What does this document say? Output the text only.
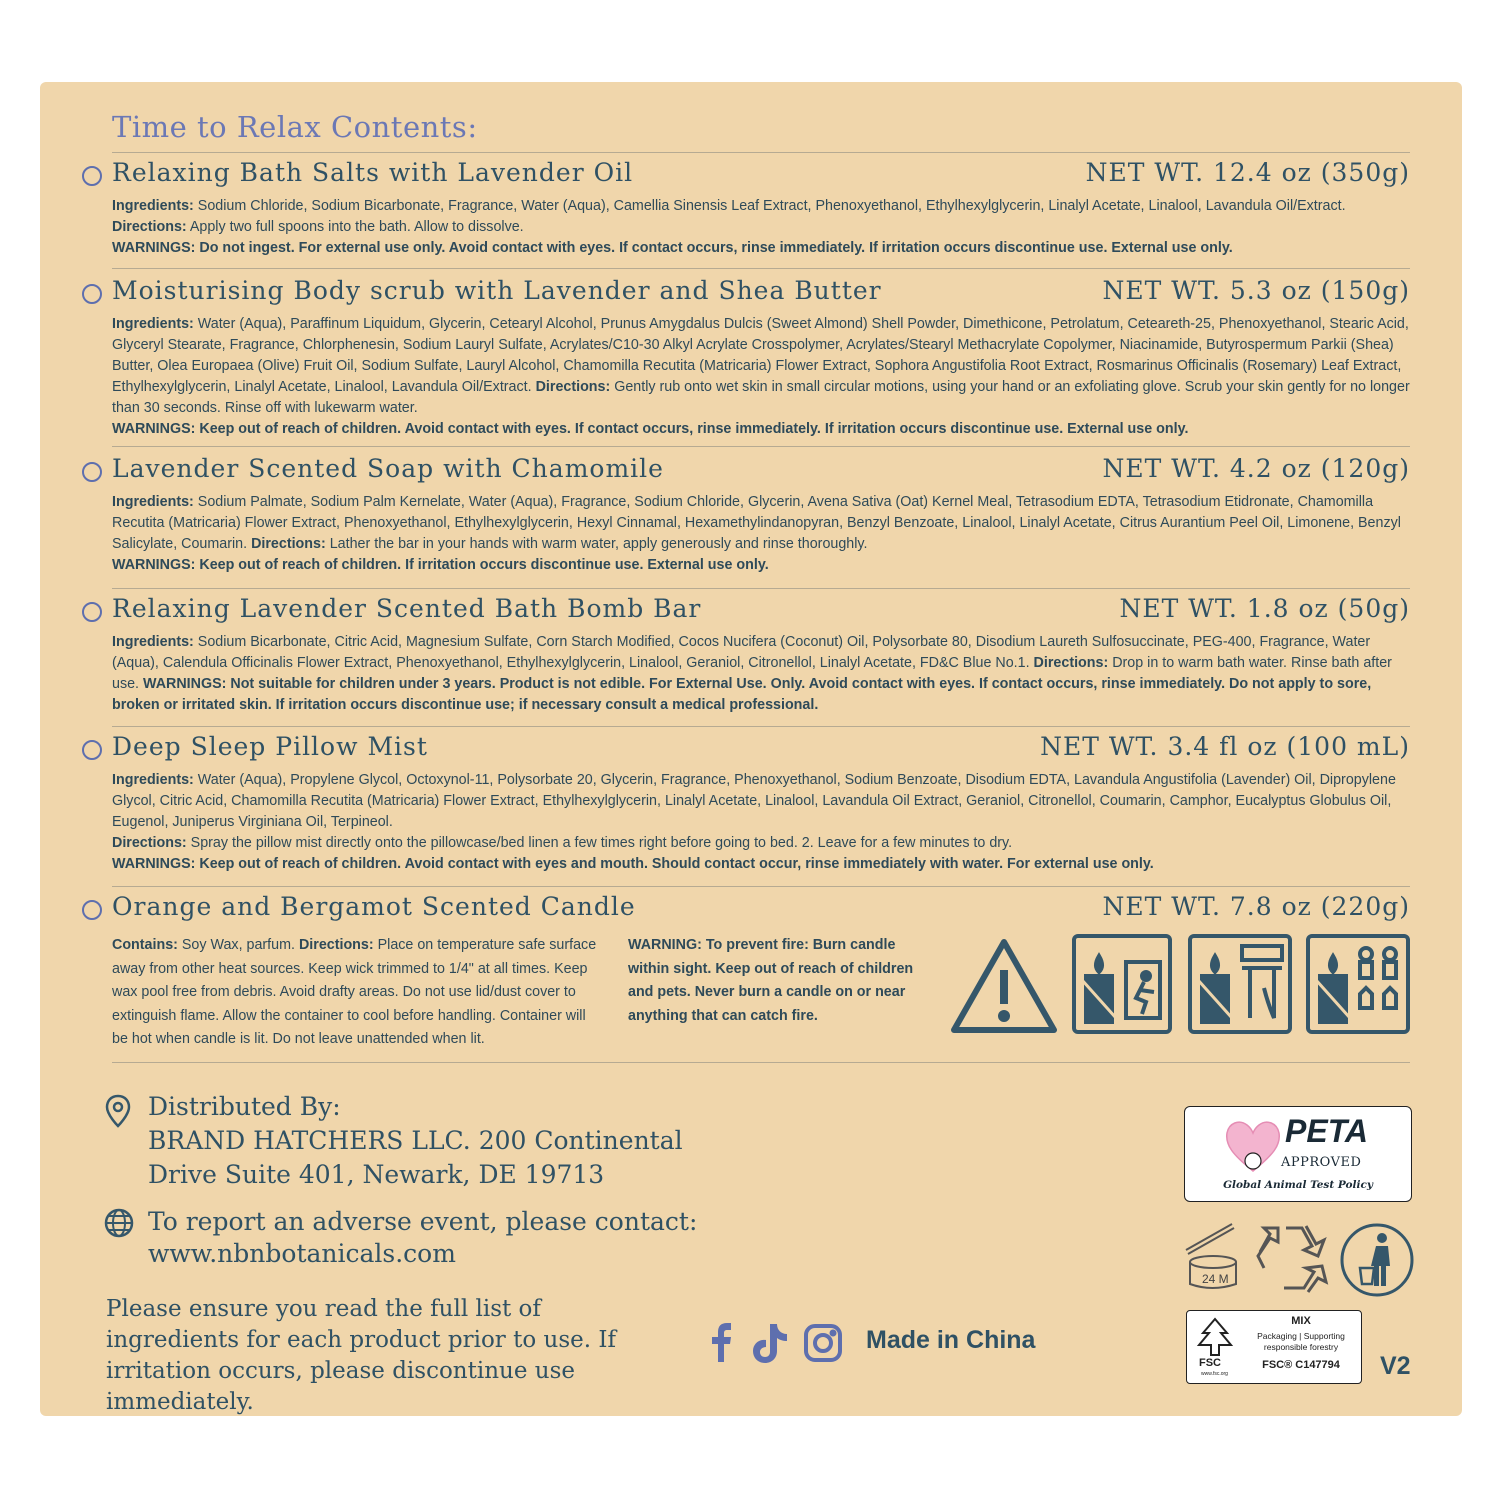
Time to Relax Contents:
Relaxing Bath Salts with Lavender Oil	NET WT. 12.4 oz (350g)

Ingredients: Sodium Chloride, Sodium Bicarbonate, Fragrance, Water (Aqua), Camellia Sinensis Leaf Extract, Phenoxyethanol, Ethylhexylglycerin, Linalyl Acetate, Linalool, Lavandula Oil/Extract.

Directions: Apply two full spoons into the bath. Allow to dissolve.

WARNINGS: Do not ingest. For external use only. Avoid contact with eyes. If contact occurs, rinse immediately. If irritation occurs discontinue use. External use only.

Moisturising Body scrub with Lavender and Shea Butter	NET WT. 5.3 oz (150g)

Ingredients: Water (Aqua), Paraffinum Liquidum, Glycerin, Cetearyl Alcohol, Prunus Amygdalus Dulcis (Sweet Almond) Shell Powder, Dimethicone, Petrolatum, Ceteareth-25, Phenoxyethanol, Stearic Acid, Glyceryl Stearate, Fragrance, Chlorphenesin, Sodium Lauryl Sulfate, Acrylates/C10-30 Alkyl Acrylate Crosspolymer, Acrylates/Stearyl Methacrylate Copolymer, Niacinamide, Butyrospermum Parkii (Shea) Butter, Olea Europaea (Olive) Fruit Oil, Sodium Sulfate, Lauryl Alcohol, Chamomilla Recutita (Matricaria) Flower Extract, Sophora Angustifolia Root Extract, Rosmarinus Officinalis (Rosemary) Leaf Extract, Ethylhexylglycerin, Linalyl Acetate, Linalool, Lavandula Oil/Extract. Directions: Gently rub onto wet skin in small circular motions, using your hand or an exfoliating glove. Scrub your skin gently for no longer than 30 seconds. Rinse off with lukewarm water.

WARNINGS: Keep out of reach of children. Avoid contact with eyes. If contact occurs, rinse immediately. If irritation occurs discontinue use. External use only.

Lavender Scented Soap with Chamomile	NET WT. 4.2 oz (120g)

Ingredients: Sodium Palmate, Sodium Palm Kernelate, Water (Aqua), Fragrance, Sodium Chloride, Glycerin, Avena Sativa (Oat) Kernel Meal, Tetrasodium EDTA, Tetrasodium Etidronate, Chamomilla Recutita (Matricaria) Flower Extract, Phenoxyethanol, Ethylhexylglycerin, Hexyl Cinnamal, Hexamethylindanopyran, Benzyl Benzoate, Linalool, Linalyl Acetate, Citrus Aurantium Peel Oil, Limonene, Benzyl Salicylate, Coumarin. Directions: Lather the bar in your hands with warm water, apply generously and rinse thoroughly.

WARNINGS: Keep out of reach of children. If irritation occurs discontinue use. External use only.

Relaxing Lavender Scented Bath Bomb Bar	NET WT. 1.8 oz (50g)

Ingredients: Sodium Bicarbonate, Citric Acid, Magnesium Sulfate, Corn Starch Modified, Cocos Nucifera (Coconut) Oil, Polysorbate 80, Disodium Laureth Sulfosuccinate, PEG-400, Fragrance, Water (Aqua), Calendula Officinalis Flower Extract, Phenoxyethanol, Ethylhexylglycerin, Linalool, Geraniol, Citronellol, Linalyl Acetate, FD&C Blue No.1. Directions: Drop in to warm bath water. Rinse bath after use. WARNINGS: Not suitable for children under 3 years. Product is not edible. For External Use. Only. Avoid contact with eyes. If contact occurs, rinse immediately. Do not apply to sore, broken or irritated skin. If irritation occurs discontinue use; if necessary consult a medical professional.

Deep Sleep Pillow Mist	NET WT. 3.4 fl oz (100 mL)

Ingredients: Water (Aqua), Propylene Glycol, Octoxynol-11, Polysorbate 20, Glycerin, Fragrance, Phenoxyethanol, Sodium Benzoate, Disodium EDTA, Lavandula Angustifolia (Lavender) Oil, Dipropylene Glycol, Citric Acid, Chamomilla Recutita (Matricaria) Flower Extract, Ethylhexylglycerin, Linalyl Acetate, Linalool, Lavandula Oil Extract, Geraniol, Citronellol, Coumarin, Camphor, Eucalyptus Globulus Oil, Eugenol, Juniperus Virginiana Oil, Terpineol.

Directions: Spray the pillow mist directly onto the pillowcase/bed linen a few times right before going to bed. 2. Leave for a few minutes to dry.

WARNINGS: Keep out of reach of children. Avoid contact with eyes and mouth. Should contact occur, rinse immediately with water. For external use only.

Orange and Bergamot Scented Candle	NET WT. 7.8 oz (220g)
Contains: Soy Wax, parfum. Directions: Place on temperature safe surface away from other heat sources. Keep wick trimmed to 1/4" at all times. Keep wax pool free from debris. Avoid drafty areas. Do not use lid/dust cover to extinguish flame. Allow the container to cool before handling. Container will be hot when candle is lit. Do not leave unattended when lit.
WARNING: To prevent fire: Burn candle within sight. Keep out of reach of children and pets. Never burn a candle on or near anything that can catch fire.
Distributed By:
BRAND HATCHERS LLC. 200 Continental
Drive Suite 401, Newark, DE 19713
To report an adverse event, please contact:
www.nbnbotanicals.com
Please ensure you read the full list of ingredients for each product prior to use. If irritation occurs, please discontinue use immediately.
Made in China
PETA
APPROVED
Global Animal Test Policy
24 M
FSC
www.fsc.org
MIX
Packaging | Supporting
responsible forestry
FSC® C147794	V2
